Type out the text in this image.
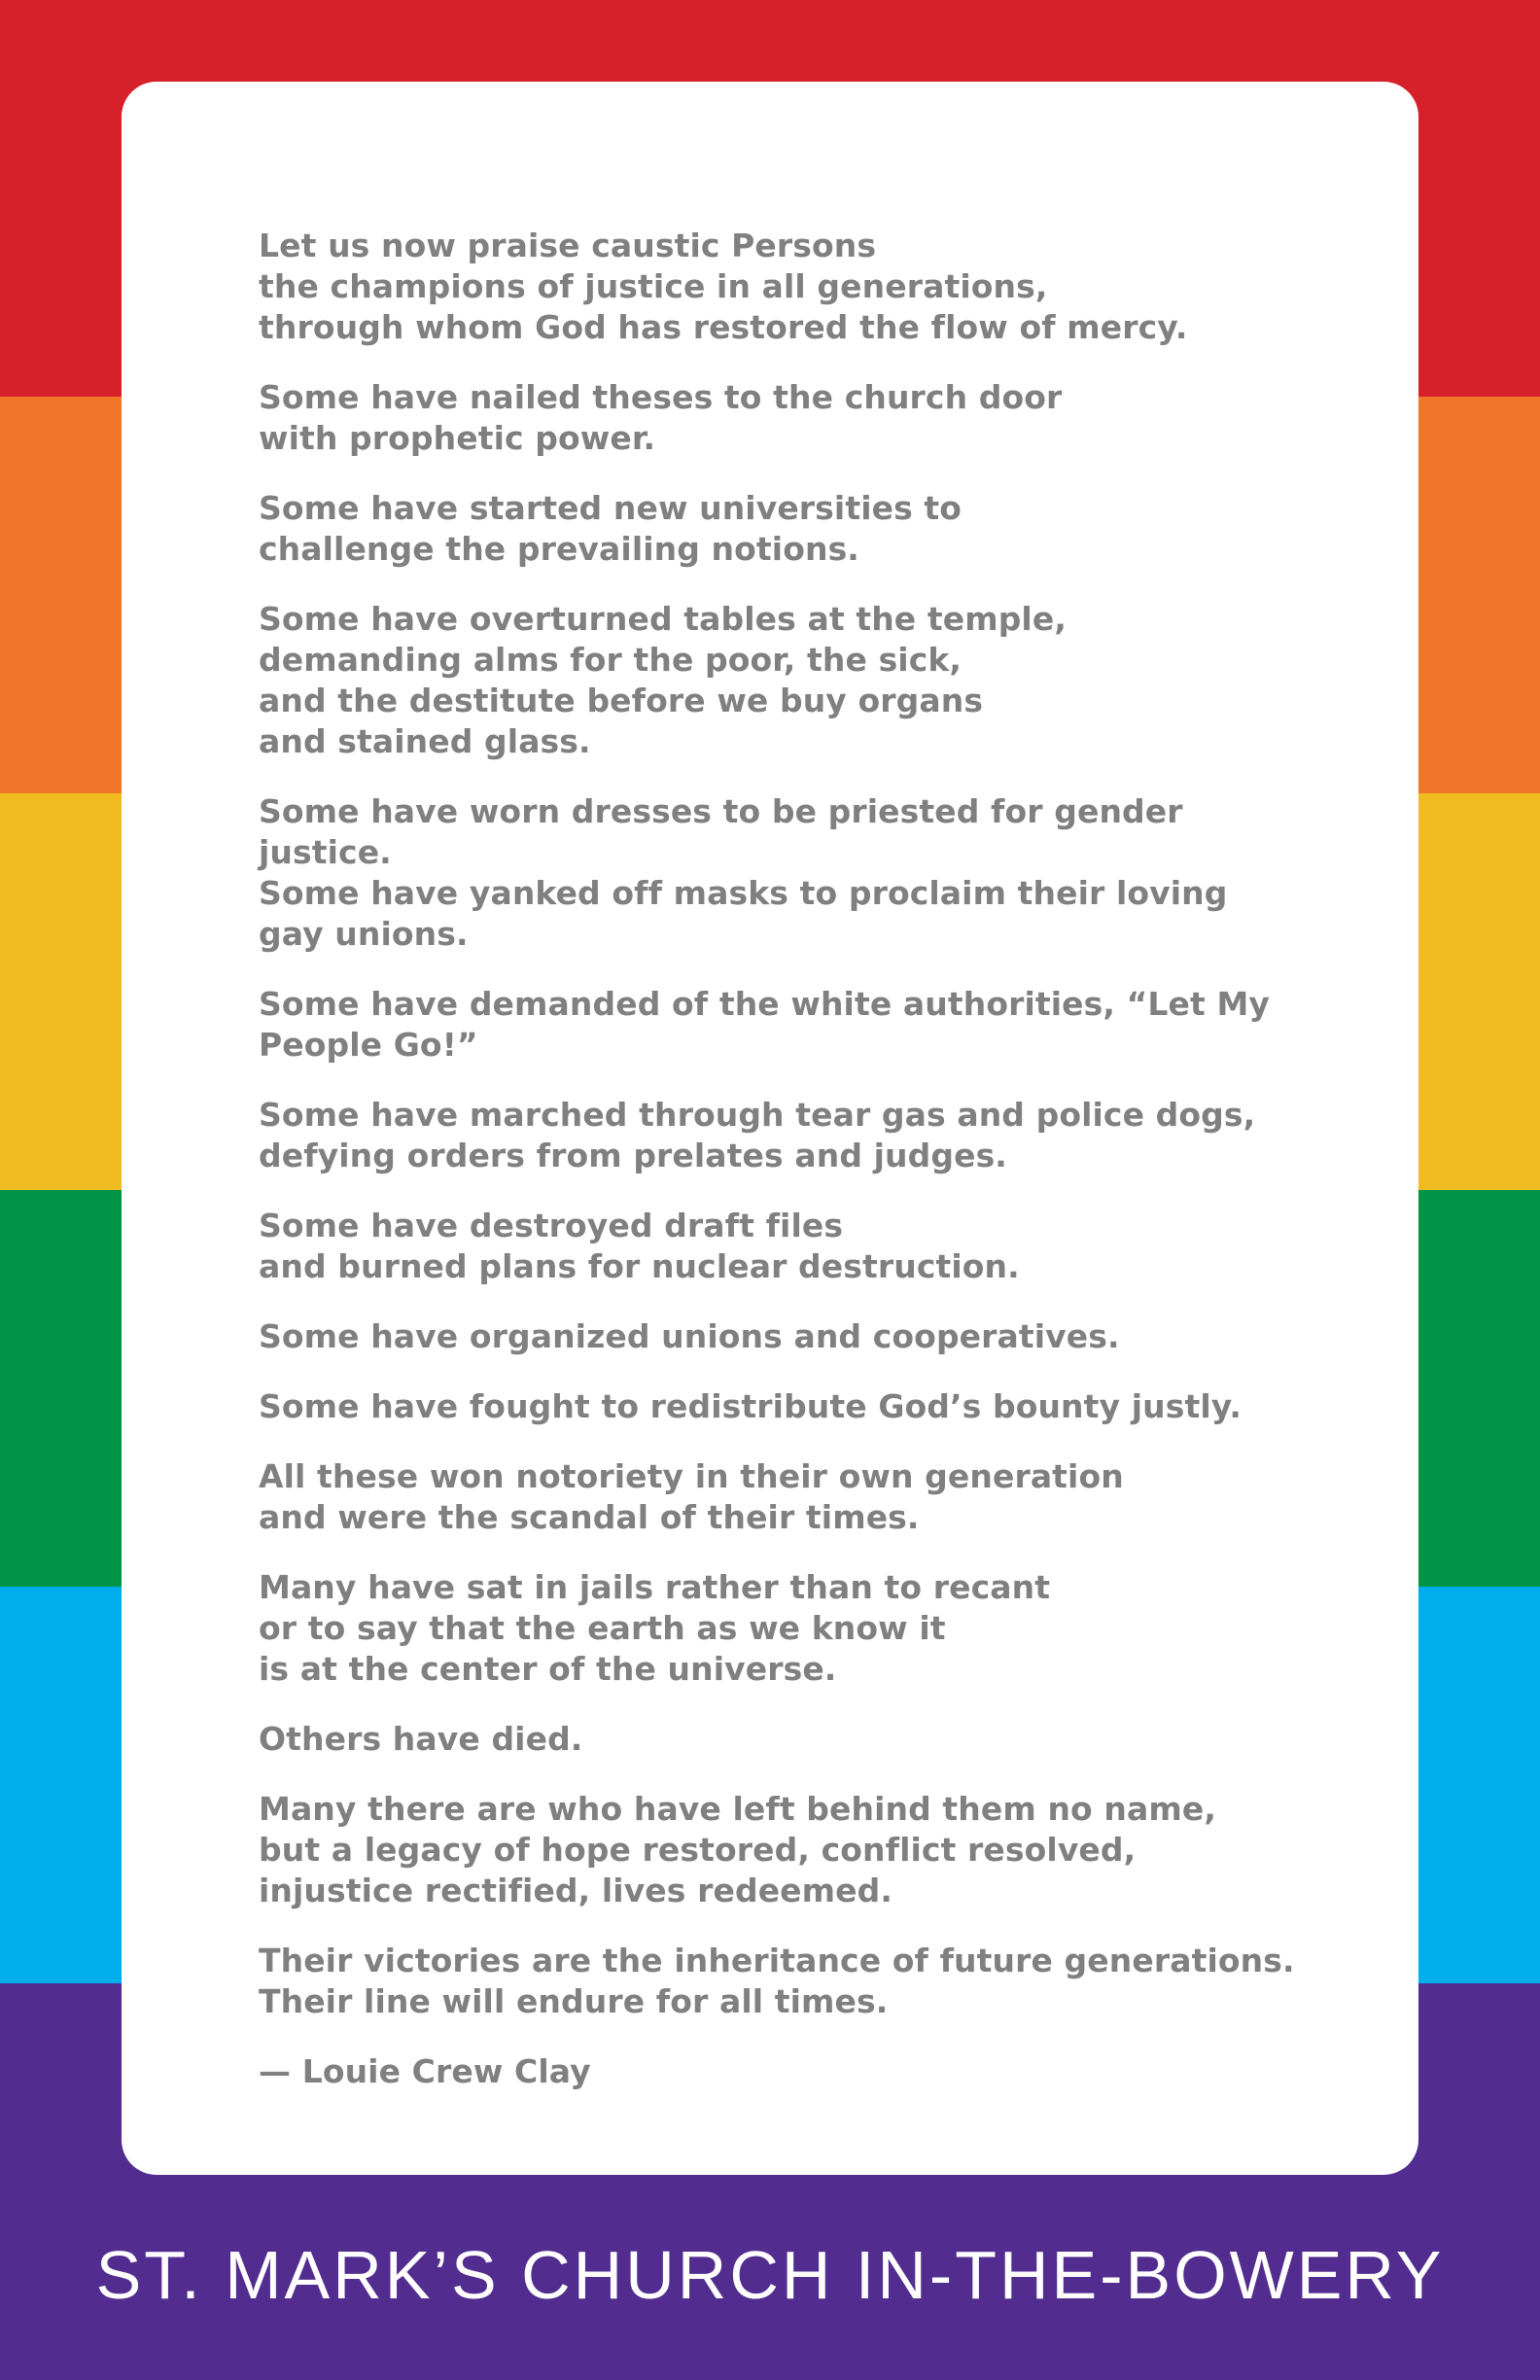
Let us now praise caustic Persons
the champions of justice in all generations,
through whom God has restored the flow of mercy.

Some have nailed theses to the church door
with prophetic power.

Some have started new universities to
challenge the prevailing notions.

Some have overturned tables at the temple,
demanding alms for the poor, the sick,
and the destitute before we buy organs
and stained glass.

Some have worn dresses to be priested for gender justice.
Some have yanked off masks to proclaim their loving
gay unions.

Some have demanded of the white authorities, “Let My
People Go!”

Some have marched through tear gas and police dogs,
defying orders from prelates and judges.

Some have destroyed draft files
and burned plans for nuclear destruction.

Some have organized unions and cooperatives.

Some have fought to redistribute God’s bounty justly.

All these won notoriety in their own generation
and were the scandal of their times.

Many have sat in jails rather than to recant
or to say that the earth as we know it
is at the center of the universe.

Others have died.

Many there are who have left behind them no name,
but a legacy of hope restored, conflict resolved,
injustice rectified, lives redeemed.

Their victories are the inheritance of future generations.
Their line will endure for all times.

— Louie Crew Clay

ST. MARK’S CHURCH IN-THE-BOWERY
